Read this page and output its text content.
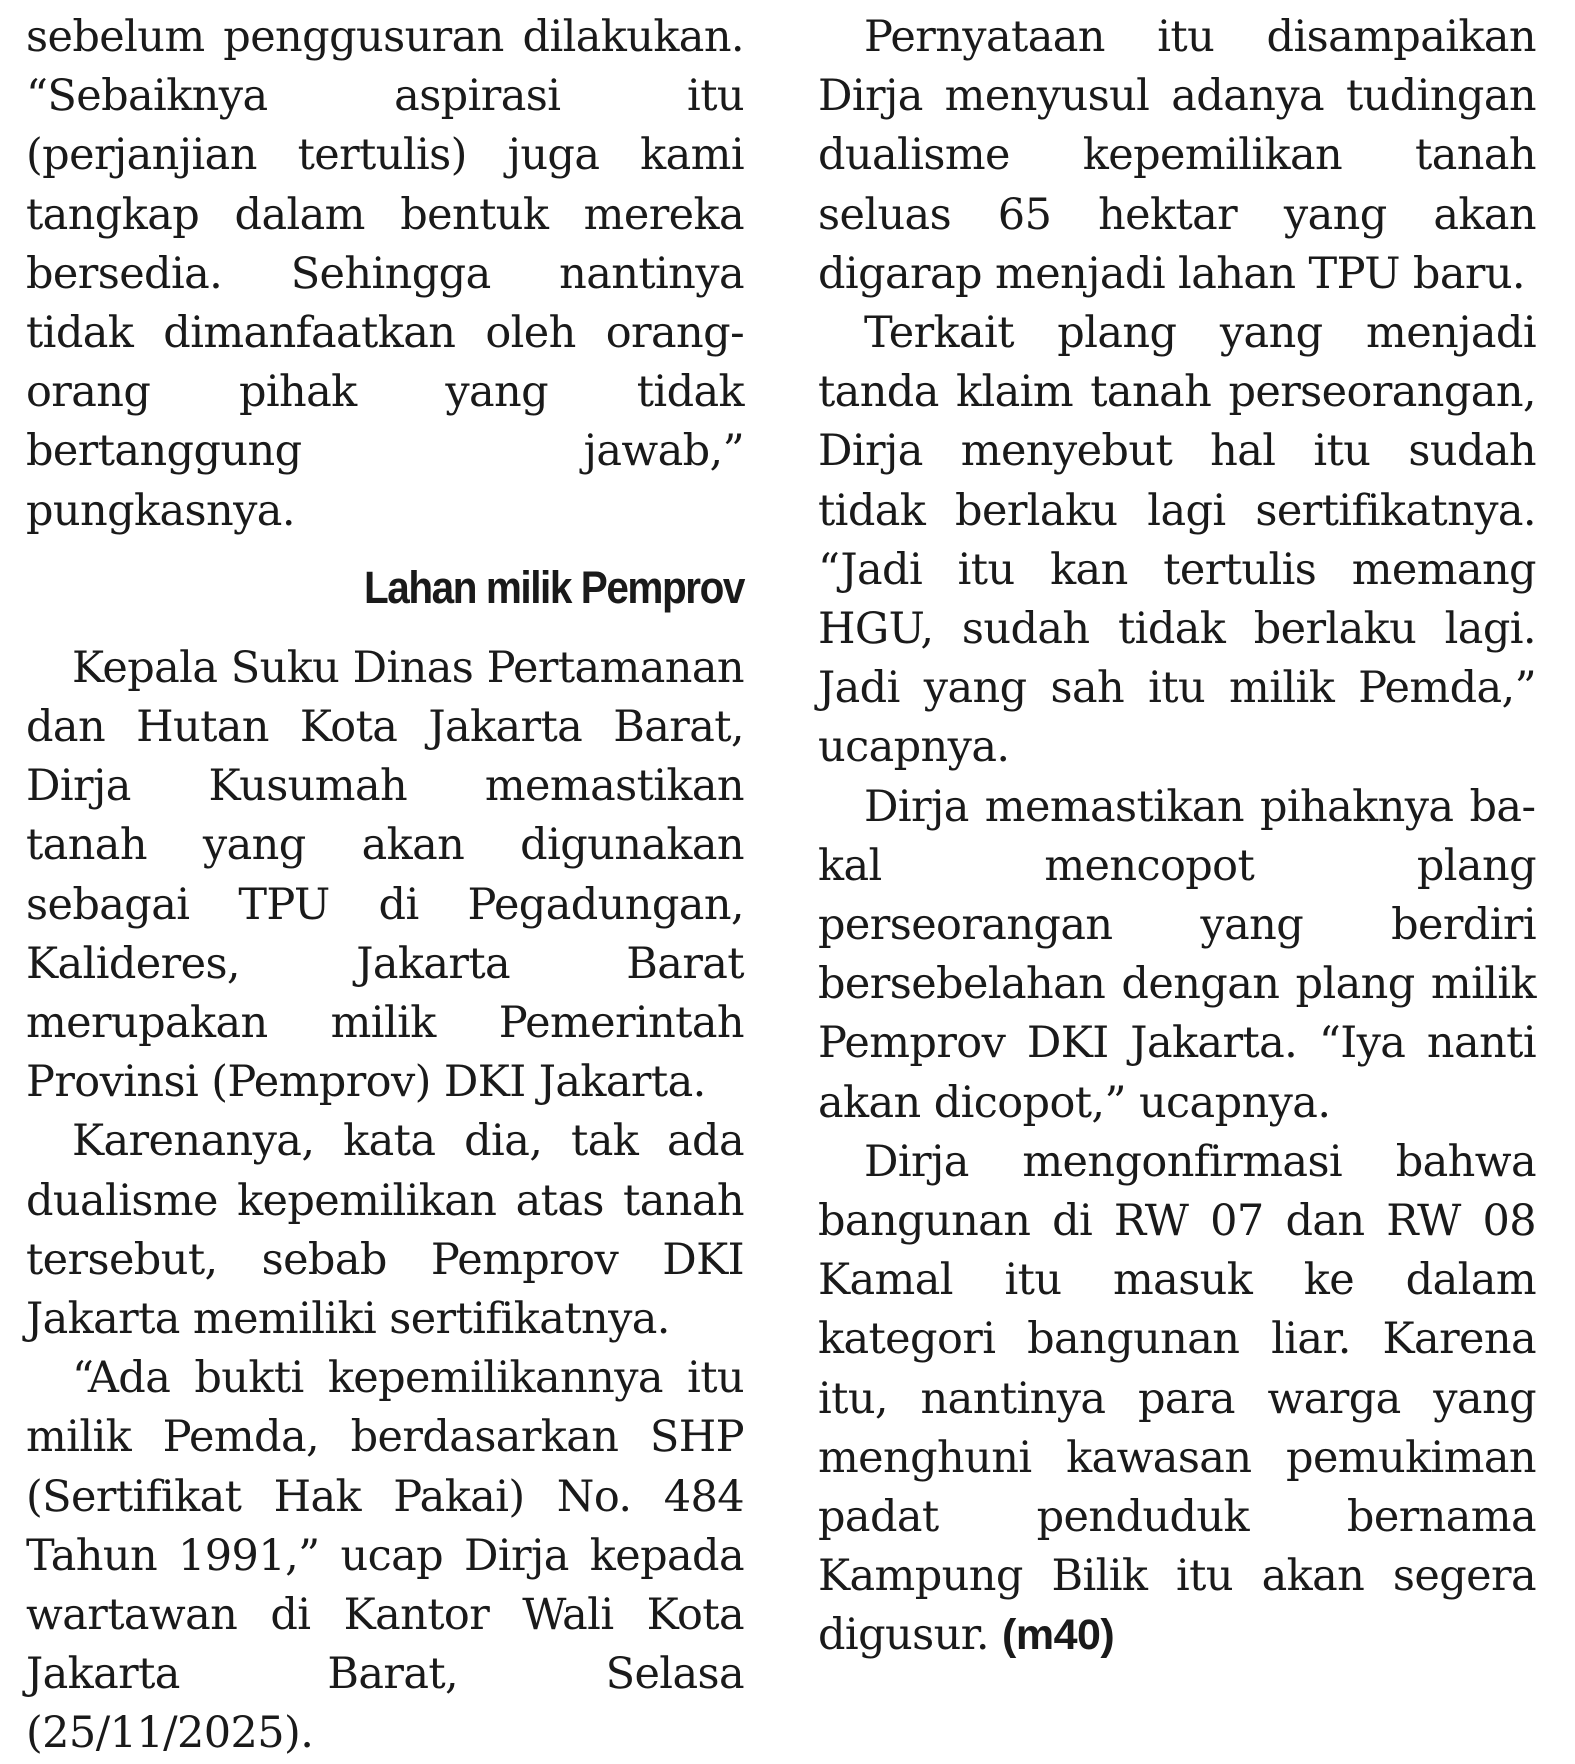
sebelum penggusuran dilakukan. “Sebaiknya aspirasi itu (perjanjian tertulis) juga kami tangkap dalam bentuk mereka bersedia. Sehingga nantinya tidak dimanfaatkan oleh orang-orang pihak yang tidak bertanggung jawab,” pungkasnya.

Lahan milik Pemprov

Kepala Suku Dinas Pertamanan dan Hutan Kota Jakarta Barat, Dirja Kusumah memastikan tanah yang akan digunakan sebagai TPU di Pegadungan, Kalideres, Jakarta Barat merupakan milik Pemerintah Provinsi (Pemprov) DKI Jakarta.

Karenanya, kata dia, tak ada dualisme kepemilikan atas tanah tersebut, sebab Pemprov DKI Jakarta memiliki sertifikatnya.

“Ada bukti kepemilikannya itu milik Pemda, berdasarkan SHP (Sertifikat Hak Pakai) No. 484 Tahun 1991,” ucap Dirja kepada wartawan di Kantor Wali Kota Jakarta Barat, Selasa (25/11/2025).

Pernyataan itu disampaikan Dirja menyusul adanya tudingan dualisme kepemilikan tanah seluas 65 hektar yang akan digarap menjadi lahan TPU baru.

Terkait plang yang menjadi tanda klaim tanah perseorangan, Dirja menyebut hal itu sudah tidak berlaku lagi sertifikatnya. “Jadi itu kan tertulis memang HGU, sudah tidak berlaku lagi. Jadi yang sah itu milik Pemda,” ucapnya.

Dirja memastikan pihaknya bakal mencopot plang perseorangan yang berdiri bersebelahan dengan plang milik Pemprov DKI Jakarta. “Iya nanti akan dicopot,” ucapnya.

Dirja mengonfirmasi bahwa bangunan di RW 07 dan RW 08 Kamal itu masuk ke dalam kategori bangunan liar. Karena itu, nantinya para warga yang menghuni kawasan pemukiman padat penduduk bernama Kampung Bilik itu akan segera digusur. (m40)
